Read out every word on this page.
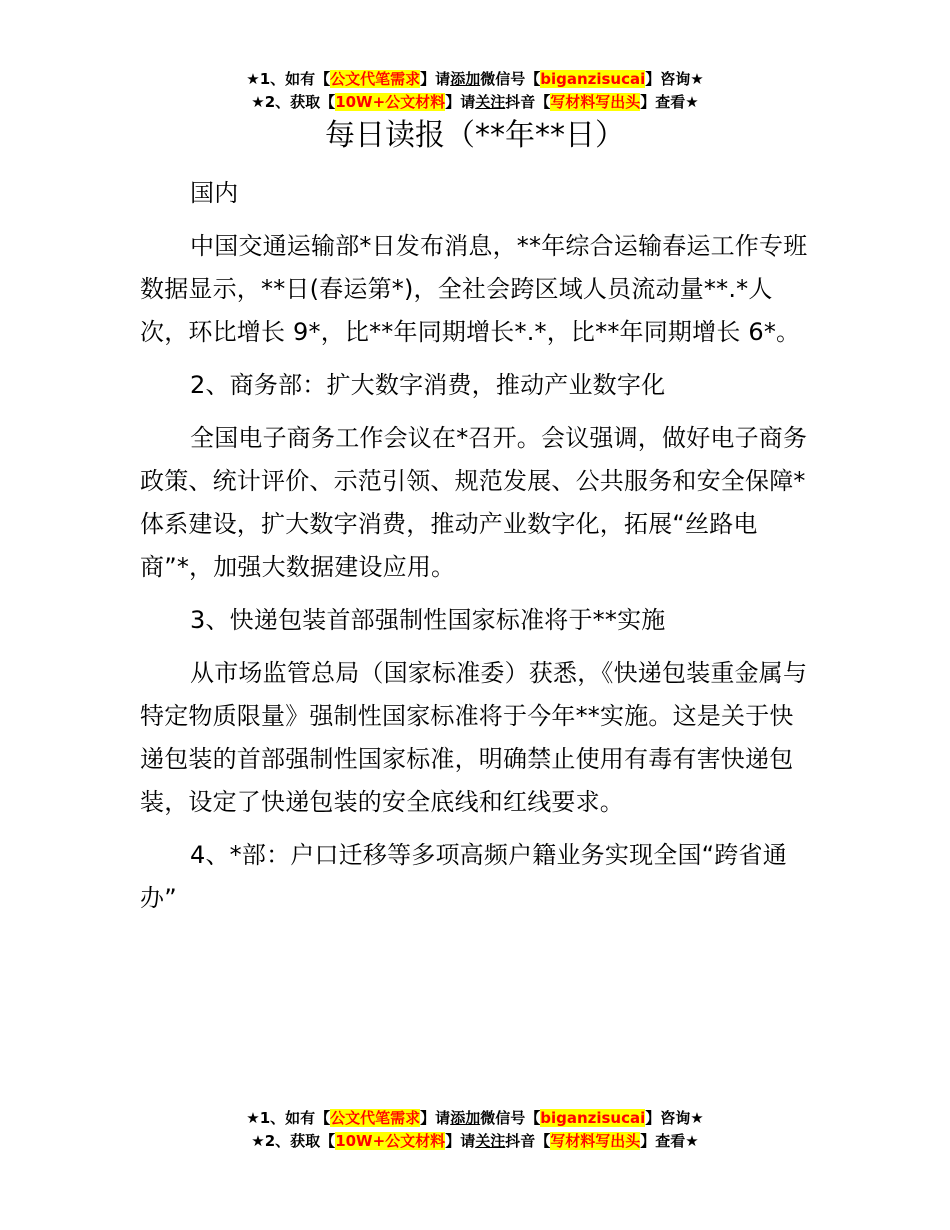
★1、如有【公文代笔需求】请添加微信号【biganzisucai】咨询★
★2、获取【10W+公文材料】请关注抖音【写材料写出头】查看★
每日读报（**年**日）

国内

中国交通运输部*日发布消息，**年综合运输春运工作专班数据显示，**日(春运第*)，全社会跨区域人员流动量**.*人次，环比增长 9*，比**年同期增长*.*，比**年同期增长 6*。

2、商务部：扩大数字消费，推动产业数字化

全国电子商务工作会议在*召开。会议强调，做好电子商务政策、统计评价、示范引领、规范发展、公共服务和安全保障*体系建设，扩大数字消费，推动产业数字化，拓展“丝路电商”*，加强大数据建设应用。

3、快递包装首部强制性国家标准将于**实施

从市场监管总局（国家标准委）获悉，《快递包装重金属与特定物质限量》强制性国家标准将于今年**实施。这是关于快递包装的首部强制性国家标准，明确禁止使用有毒有害快递包装，设定了快递包装的安全底线和红线要求。

4、*部：户口迁移等多项高频户籍业务实现全国“跨省通办”

★1、如有【公文代笔需求】请添加微信号【biganzisucai】咨询★
★2、获取【10W+公文材料】请关注抖音【写材料写出头】查看★
